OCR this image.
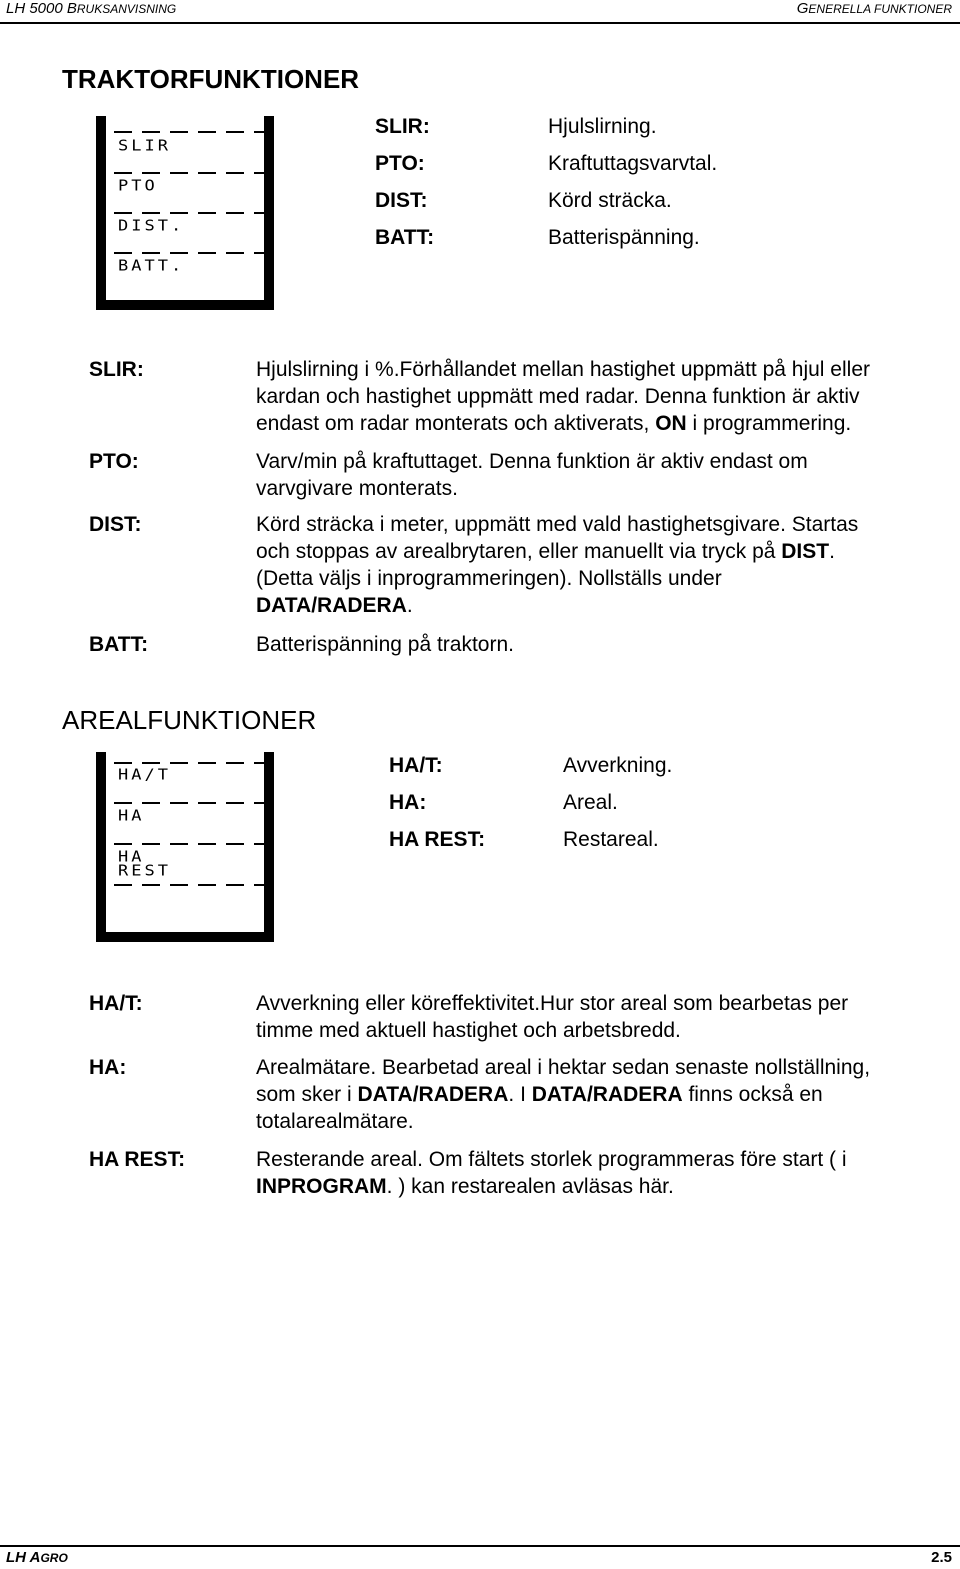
LH 5000 BRUKSANVISNING	GENERELLA FUNKTIONER
TRAKTORFUNKTIONER
SLIR
PTO
DIST.
BATT.
SLIR:	Hjulslirning.
PTO:	Kraftuttagsvarvtal.
DIST:	Körd sträcka.
BATT:	Batterispänning.
SLIR:	Hjulslirning i %.Förhållandet mellan hastighet uppmätt på hjul eller
kardan och hastighet uppmätt med radar. Denna funktion är aktiv
endast om radar monterats och aktiverats, ON i programmering.
PTO:	Varv/min på kraftuttaget. Denna funktion är aktiv endast om
varvgivare monterats.
DIST:	Körd sträcka i meter, uppmätt med vald hastighetsgivare. Startas
och stoppas av arealbrytaren, eller manuellt via tryck på DIST.
(Detta väljs i inprogrammeringen). Nollställs under
DATA/RADERA.
BATT:	Batterispänning på traktorn.
AREALFUNKTIONER
HA/T
HA
HA
REST
HA/T:	Avverkning.
HA:	Areal.
HA REST:	Restareal.
HA/T:	Avverkning eller köreffektivitet.Hur stor areal som bearbetas per
timme med aktuell hastighet och arbetsbredd.
HA:	Arealmätare. Bearbetad areal i hektar sedan senaste nollställning,
som sker i DATA/RADERA. I DATA/RADERA finns också en
totalarealmätare.
HA REST:	Resterande areal. Om fältets storlek programmeras före start ( i
INPROGRAM. ) kan restarealen avläsas här.
LH AGRO	2.5
